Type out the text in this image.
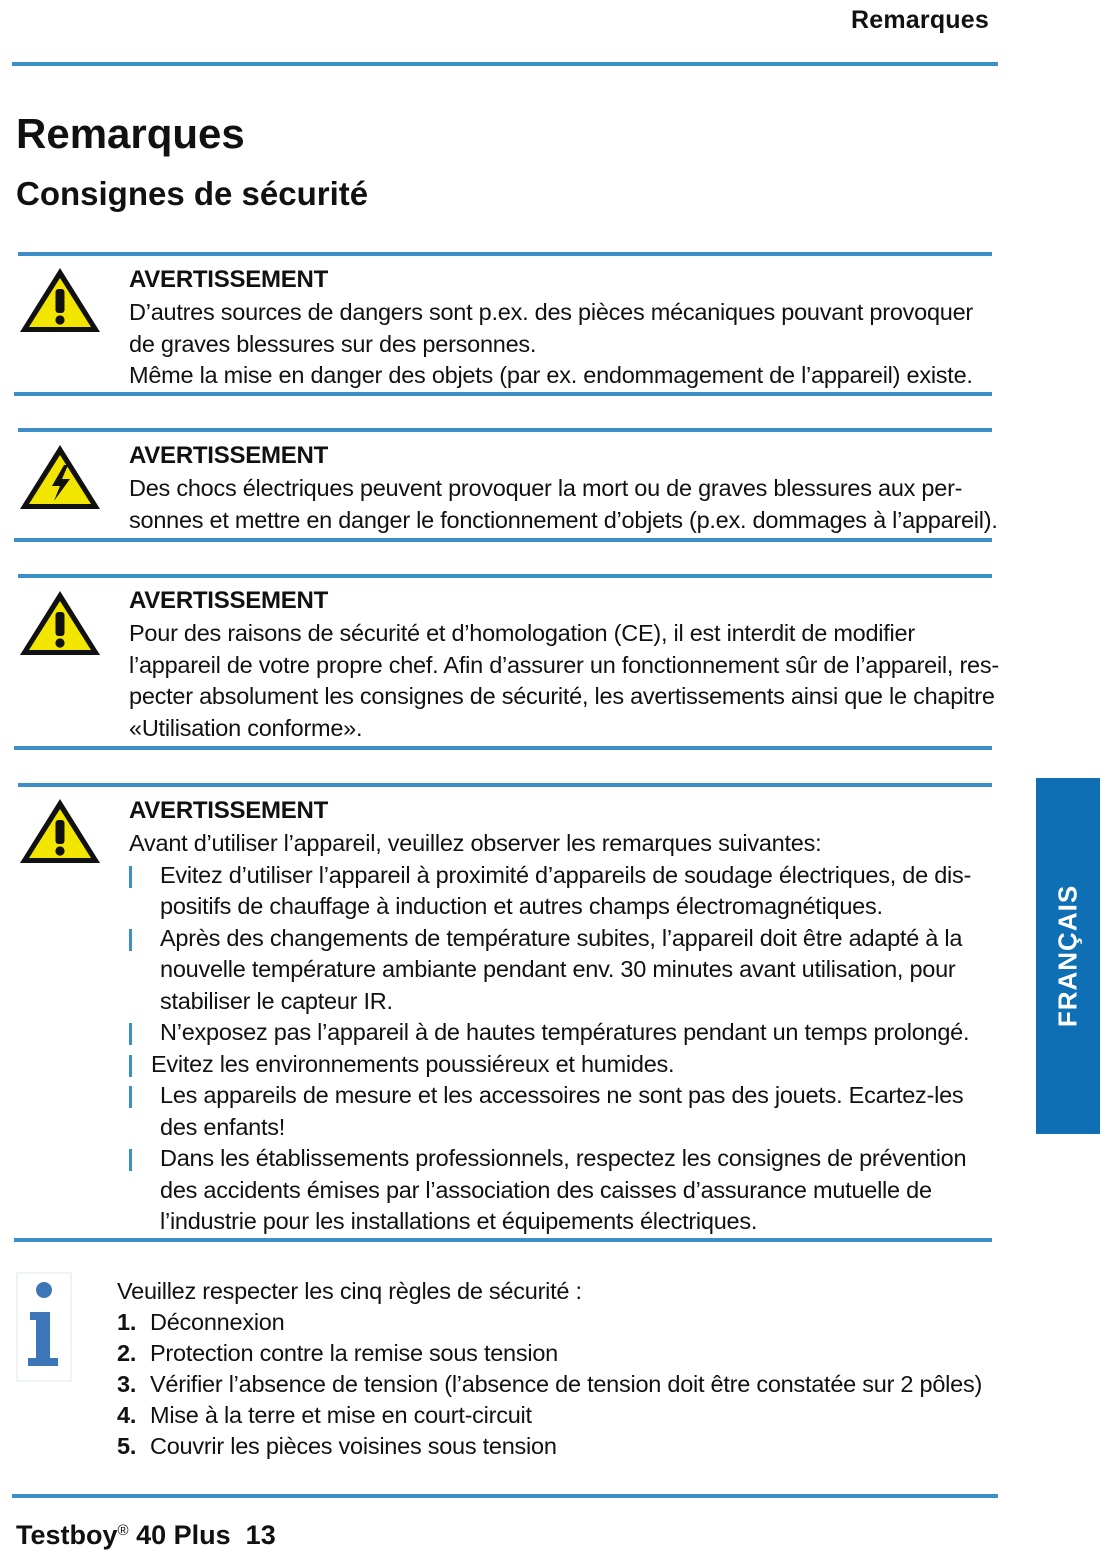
Remarques
Remarques
Consignes de sécurité
AVERTISSEMENT
D’autres sources de dangers sont p.ex. des pièces mécaniques pouvant provoquer de graves blessures sur des personnes.
Même la mise en danger des objets (par ex. endommagement de l’appareil) existe.
AVERTISSEMENT
Des chocs électriques peuvent provoquer la mort ou de graves blessures aux per-sonnes et mettre en danger le fonctionnement d’objets (p.ex. dommages à l’appareil).
AVERTISSEMENT
Pour des raisons de sécurité et d’homologation (CE), il est interdit de modifier l’appareil de votre propre chef. Afin d’assurer un fonctionnement sûr de l’appareil, res-pecter absolument les consignes de sécurité, les avertissements ainsi que le chapitre «Utilisation conforme».
AVERTISSEMENT
Avant d’utiliser l’appareil, veuillez observer les remarques suivantes:
Evitez d’utiliser l’appareil à proximité d’appareils de soudage électriques, de dis-positifs de chauffage à induction et autres champs électromagnétiques.
Après des changements de température subites, l’appareil doit être adapté à la nouvelle température ambiante pendant env. 30 minutes avant utilisation, pour stabiliser le capteur IR.
N’exposez pas l’appareil à de hautes températures pendant un temps prolongé.
Evitez les environnements poussiéreux et humides.
Les appareils de mesure et les accessoires ne sont pas des jouets. Ecartez-les des enfants!
Dans les établissements professionnels, respectez les consignes de prévention des accidents émises par l’association des caisses d’assurance mutuelle de l’industrie pour les installations et équipements électriques.
Veuillez respecter les cinq règles de sécurité :
1. Déconnexion
2. Protection contre la remise sous tension
3. Vérifier l’absence de tension (l’absence de tension doit être constatée sur 2 pôles)
4. Mise à la terre et mise en court-circuit
5. Couvrir les pièces voisines sous tension
FRANÇAIS
Testboy® 40 Plus 13
